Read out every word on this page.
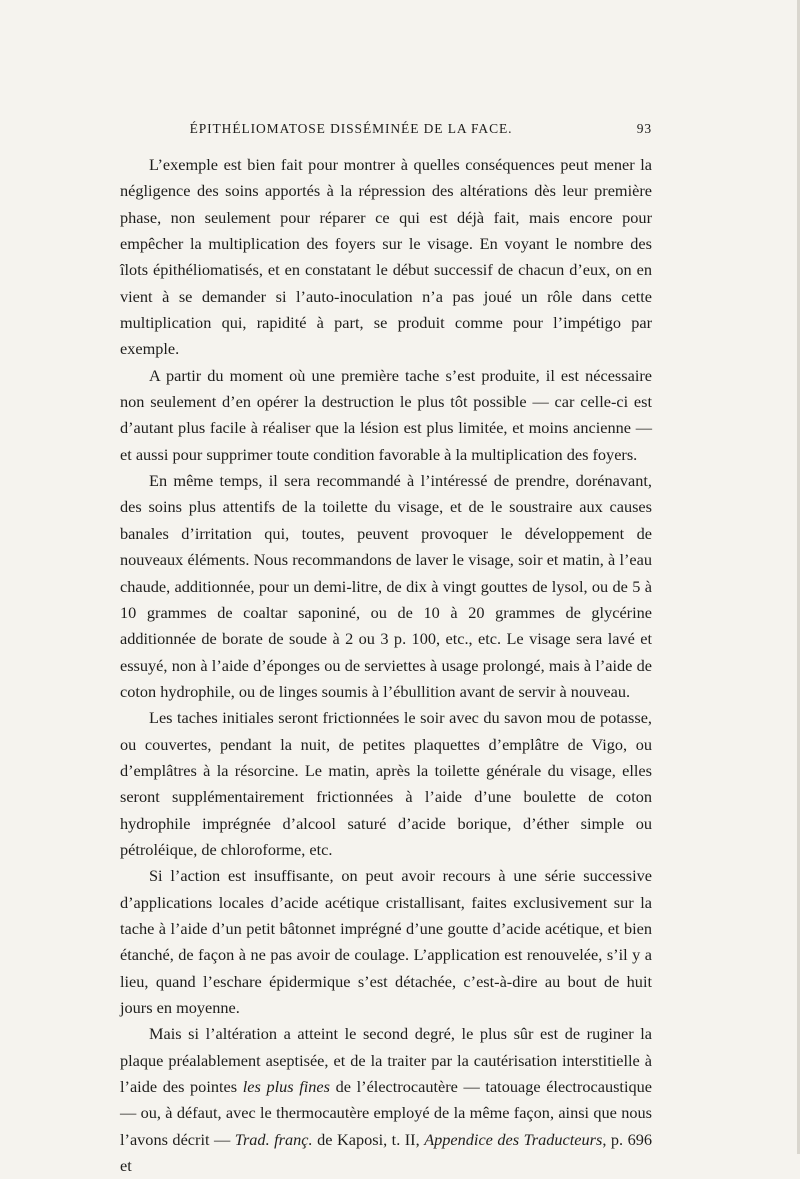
ÉPITHÉLIOMATOSE DISSÉMINÉE DE LA FACE.	93

L’exemple est bien fait pour montrer à quelles conséquences peut mener la négligence des soins apportés à la répression des altérations dès leur première phase, non seulement pour réparer ce qui est déjà fait, mais encore pour empêcher la multiplication des foyers sur le visage. En voyant le nombre des îlots épithéliomatisés, et en constatant le début successif de chacun d’eux, on en vient à se demander si l’auto-inoculation n’a pas joué un rôle dans cette multiplication qui, rapidité à part, se produit comme pour l’impétigo par exemple.

A partir du moment où une première tache s’est produite, il est nécessaire non seulement d’en opérer la destruction le plus tôt possible — car celle-ci est d’autant plus facile à réaliser que la lésion est plus limitée, et moins ancienne — et aussi pour supprimer toute condition favorable à la multiplication des foyers.

En même temps, il sera recommandé à l’intéressé de prendre, dorénavant, des soins plus attentifs de la toilette du visage, et de le soustraire aux causes banales d’irritation qui, toutes, peuvent provoquer le développement de nouveaux éléments. Nous recommandons de laver le visage, soir et matin, à l’eau chaude, additionnée, pour un demi-litre, de dix à vingt gouttes de lysol, ou de 5 à 10 grammes de coaltar saponiné, ou de 10 à 20 grammes de glycérine additionnée de borate de soude à 2 ou 3 p. 100, etc., etc. Le visage sera lavé et essuyé, non à l’aide d’éponges ou de serviettes à usage prolongé, mais à l’aide de coton hydrophile, ou de linges soumis à l’ébullition avant de servir à nouveau.

Les taches initiales seront frictionnées le soir avec du savon mou de potasse, ou couvertes, pendant la nuit, de petites plaquettes d’emplâtre de Vigo, ou d’emplâtres à la résorcine. Le matin, après la toilette générale du visage, elles seront supplémentairement frictionnées à l’aide d’une boulette de coton hydrophile imprégnée d’alcool saturé d’acide borique, d’éther simple ou pétroléique, de chloroforme, etc.

Si l’action est insuffisante, on peut avoir recours à une série successive d’applications locales d’acide acétique cristallisant, faites exclusivement sur la tache à l’aide d’un petit bâtonnet imprégné d’une goutte d’acide acétique, et bien étanché, de façon à ne pas avoir de coulage. L’application est renouvelée, s’il y a lieu, quand l’eschare épidermique s’est détachée, c’est-à-dire au bout de huit jours en moyenne.

Mais si l’altération a atteint le second degré, le plus sûr est de ruginer la plaque préalablement aseptisée, et de la traiter par la cautérisation interstitielle à l’aide des pointes les plus fines de l’électrocautère — tatouage électrocaustique — ou, à défaut, avec le thermocautère employé de la même façon, ainsi que nous l’avons décrit — Trad. franç. de Kaposi, t. II, Appendice des Traducteurs, p. 696 et
